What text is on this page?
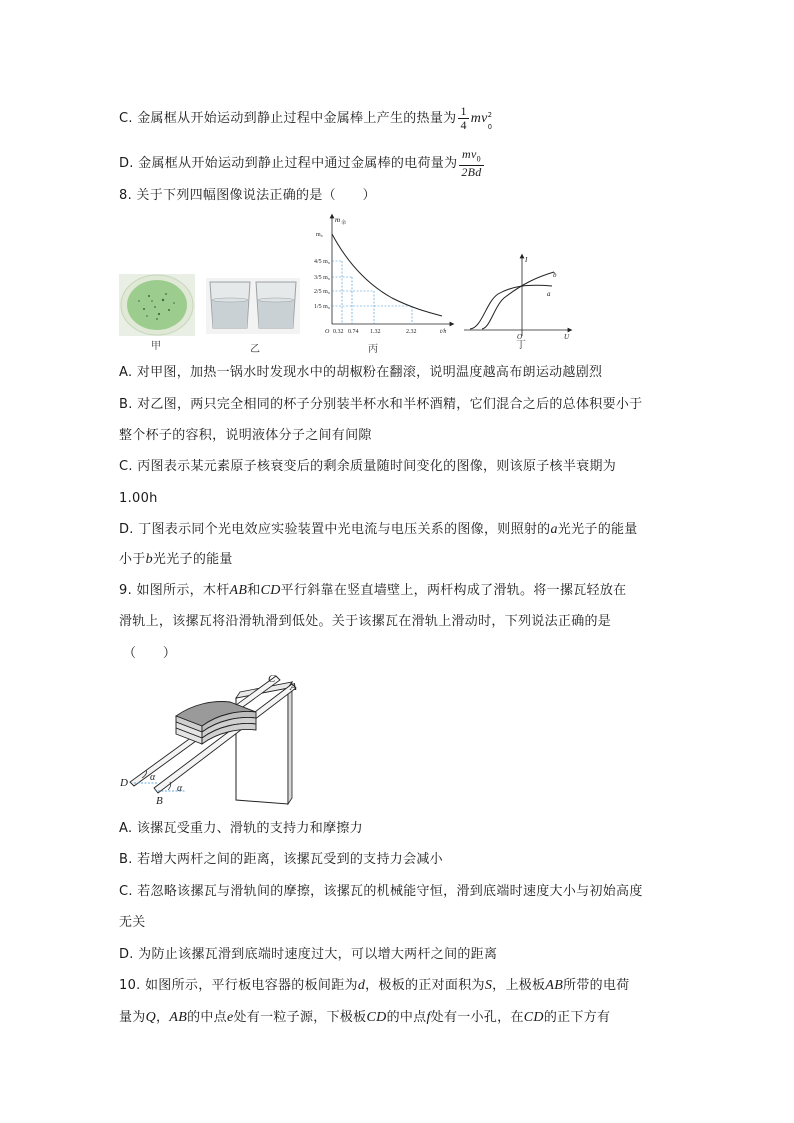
C. 金属框从开始运动到静止过程中金属棒上产生的热量为 $\frac{1}{4}$ mv 2
0
D. 金属框从开始运动到静止过程中通过金属棒的电荷量为 $\frac{mv_0}{2Bd}$
8. 关于下列四幅图像说法正确的是（　　）
m 余
m₀
4/5 m₀
3/5 m₀
2/5 m₀
1/5 m₀
O 0.32 0.74 1.32	2.32	t/h
I
U
O
a
b
甲	乙	丙	丁
A. 对甲图，加热一锅水时发现水中的胡椒粉在翻滚，说明温度越高布朗运动越剧烈
B. 对乙图，两只完全相同的杯子分别装半杯水和半杯酒精，它们混合之后的总体积要小于
整个杯子的容积，说明液体分子之间有间隙
C. 丙图表示某元素原子核衰变后的剩余质量随时间变化的图像，则该原子核半衰期为
1.00h
D. 丁图表示同个光电效应实验装置中光电流与电压关系的图像，则照射的a光光子的能量
小于b光光子的能量
9. 如图所示，木杆AB和CD平行斜靠在竖直墙壁上，两杆构成了滑轨。将一摞瓦轻放在
滑轨上，该摞瓦将沿滑轨滑到低处。关于该摞瓦在滑轨上滑动时，下列说法正确的是
（　　）
C
A
D
B
α
α
A. 该摞瓦受重力、滑轨的支持力和摩擦力
B. 若增大两杆之间的距离，该摞瓦受到的支持力会减小
C. 若忽略该摞瓦与滑轨间的摩擦，该摞瓦的机械能守恒，滑到底端时速度大小与初始高度
无关
D. 为防止该摞瓦滑到底端时速度过大，可以增大两杆之间的距离
10. 如图所示，平行板电容器的板间距为d，极板的正对面积为S，上极板AB所带的电荷
量为Q，AB的中点e处有一粒子源，下极板CD的中点f处有一小孔，在CD的正下方有
